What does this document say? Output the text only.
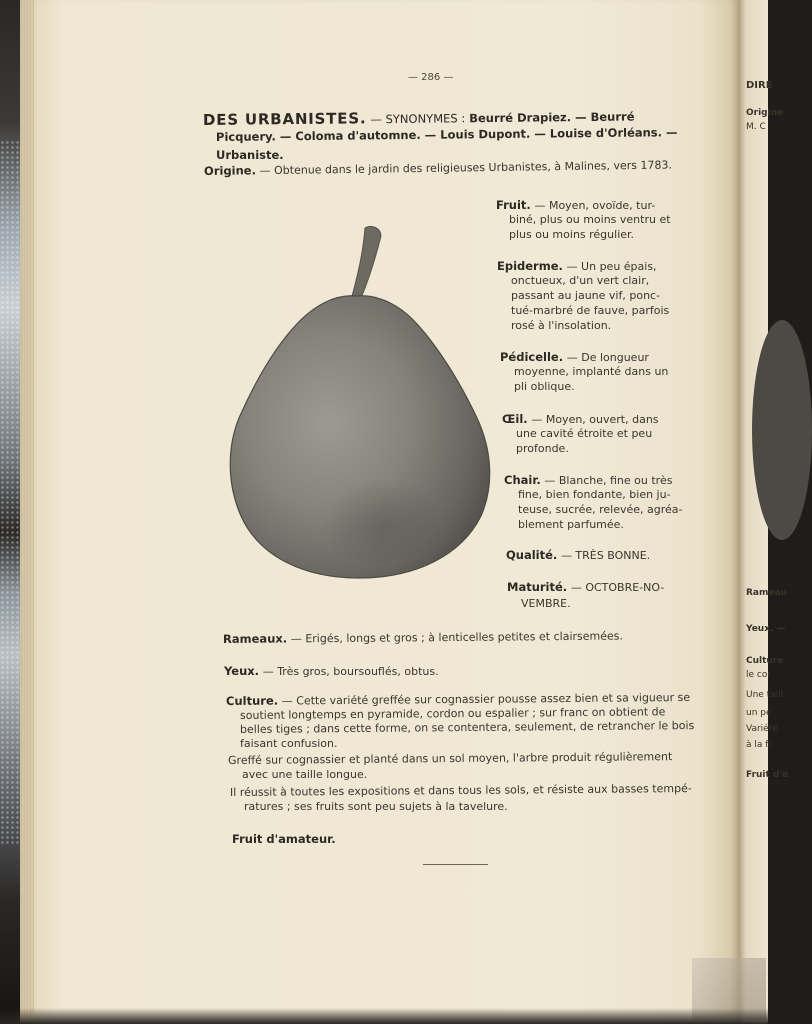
DIRE
Origine
M. C
Rameau
Yeux. —
Culture
le cor
Une taill
un pe
Variété
à la fr
Fruit d'e
— 286 —
DES URBANISTES. — SYNONYMES : Beurré Drapiez. — Beurré
Picquery. — Coloma d'automne. — Louis Dupont. — Louise d'Orléans. —
Urbaniste.
Origine. — Obtenue dans le jardin des religieuses Urbanistes, à Malines, vers 1783.
Fruit. — Moyen, ovoïde, tur-
biné, plus ou moins ventru et
plus ou moins régulier.
Epiderme. — Un peu épais,
onctueux, d'un vert clair,
passant au jaune vif, ponc-
tué-marbré de fauve, parfois
rosé à l'insolation.
Pédicelle. — De longueur
moyenne, implanté dans un
pli oblique.
Œil. — Moyen, ouvert, dans
une cavité étroite et peu
profonde.
Chair. — Blanche, fine ou très
fine, bien fondante, bien ju-
teuse, sucrée, relevée, agréa-
blement parfumée.
Qualité. — TRÈS BONNE.
Maturité. — OCTOBRE-NO-
VEMBRE.
Rameaux. — Erigés, longs et gros ; à lenticelles petites et clairsemées.
Yeux. — Très gros, boursouflés, obtus.
Culture. — Cette variété greffée sur cognassier pousse assez bien et sa vigueur se
soutient longtemps en pyramide, cordon ou espalier ; sur franc on obtient de
belles tiges ; dans cette forme, on se contentera, seulement, de retrancher le bois
faisant confusion.
Greffé sur cognassier et planté dans un sol moyen, l'arbre produit régulièrement
avec une taille longue.
Il réussit à toutes les expositions et dans tous les sols, et résiste aux basses tempé-
ratures ; ses fruits sont peu sujets à la tavelure.
Fruit d'amateur.
